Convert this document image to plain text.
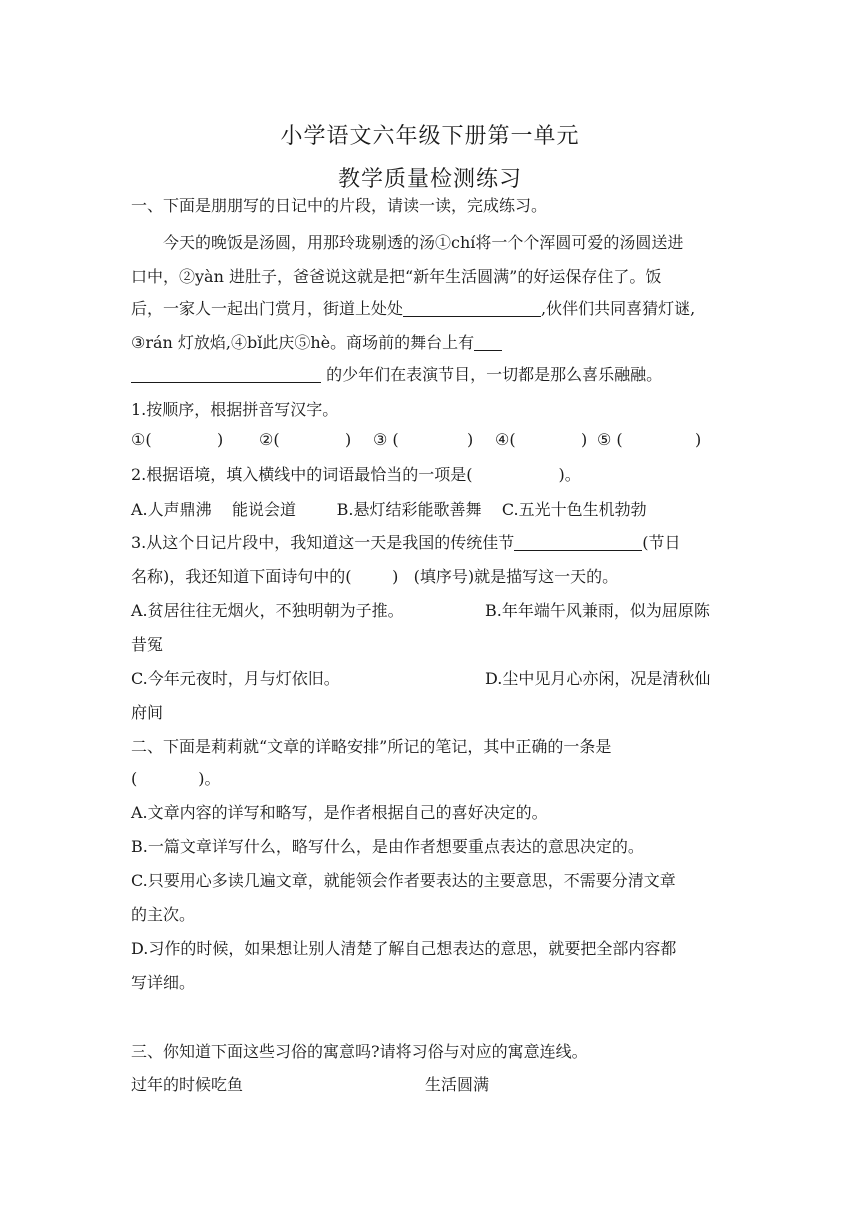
小学语文六年级下册第一单元
教学质量检测练习
一、下面是朋朋写的日记中的片段，请读一读，完成练习。
今天的晚饭是汤圆，用那玲珑剔透的汤①chí将一个个浑圆可爱的汤圆送进
口中，②yàn 进肚子，爸爸说这就是把“新年生活圆满”的好运保存住了。饭
后，一家人一起出门赏月，街道上处处	,伙伴们共同喜猜灯谜,
③rán 灯放焰,④bǐ此庆⑤hè。商场前的舞台上有
的少年们在表演节目，一切都是那么喜乐融融。
1.按顺序，根据拼音写汉字。
①(	) ②(	) ③ (	) ④(	) ⑤ (	)
2.根据语境，填入横线中的词语最恰当的一项是(	)。
A.人声鼎沸    能说会道        B.悬灯结彩能歌善舞    C.五光十色生机勃勃
3.从这个日记片段中，我知道这一天是我国的传统佳节	(节日
名称)，我还知道下面诗句中的(        )   (填序号)就是描写这一天的。
A.贫居往往无烟火，不独明朝为子推。	B.年年端午风兼雨，似为屈原陈
昔冤
C.今年元夜时，月与灯依旧。	D.尘中见月心亦闲，况是清秋仙
府间
二、下面是莉莉就“文章的详略安排”所记的笔记，其中正确的一条是
(            )。
A.文章内容的详写和略写，是作者根据自己的喜好决定的。
B.一篇文章详写什么，略写什么，是由作者想要重点表达的意思决定的。
C.只要用心多读几遍文章，就能领会作者要表达的主要意思，不需要分清文章
的主次。
D.习作的时候，如果想让别人清楚了解自己想表达的意思，就要把全部内容都
写详细。
三、你知道下面这些习俗的寓意吗?请将习俗与对应的寓意连线。
过年的时候吃鱼	生活圆满
